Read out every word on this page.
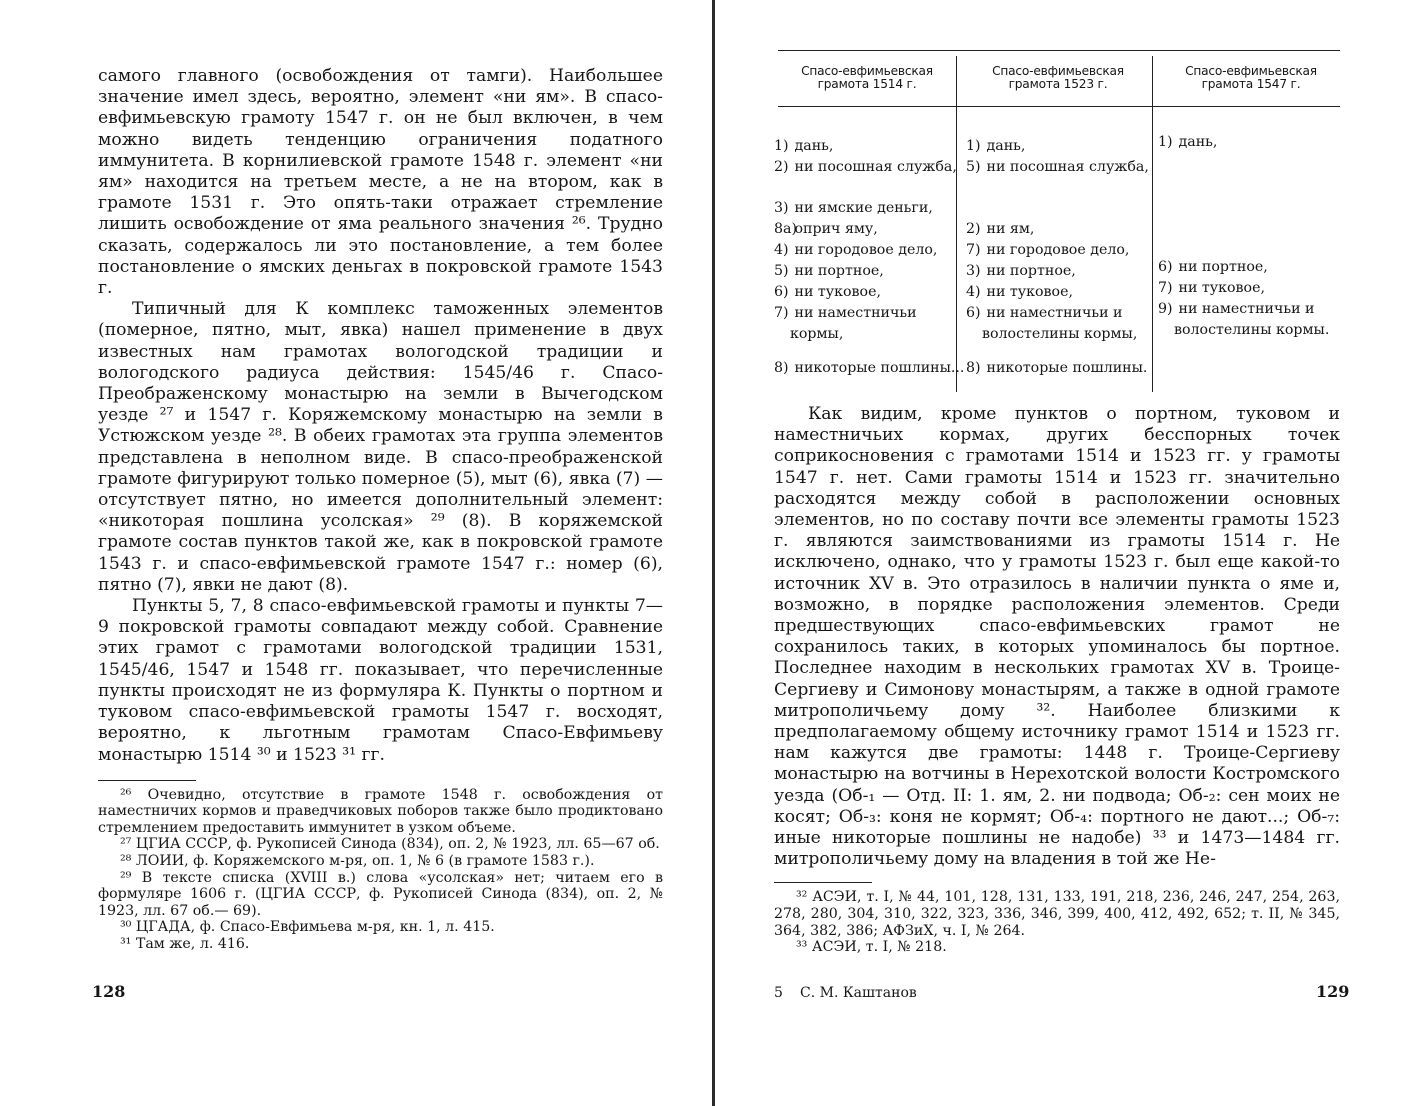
самого главного (освобождения от тамги). Наибольшее значение имел здесь, вероятно, элемент «ни ям». В спасо-евфимьевскую грамоту 1547 г. он не был включен, в чем можно видеть тенденцию ограничения податного иммунитета. В корнилиевской грамоте 1548 г. элемент «ни ям» находится на третьем месте, а не на втором, как в грамоте 1531 г. Это опять-таки отражает стремление лишить освобождение от яма реального значения ²⁶. Трудно сказать, содержалось ли это постановление, а тем более постановление о ямских деньгах в покровской грамоте 1543 г.

Типичный для К комплекс таможенных элементов (померное, пятно, мыт, явка) нашел применение в двух известных нам грамотах вологодской традиции и вологодского радиуса действия: 1545/46 г. Спасо-Преображенскому монастырю на земли в Вычегодском уезде ²⁷ и 1547 г. Коряжемскому монастырю на земли в Устюжском уезде ²⁸. В обеих грамотах эта группа элементов представлена в неполном виде. В спасо-преображенской грамоте фигурируют только померное (5), мыт (6), явка (7) — отсутствует пятно, но имеется дополнительный элемент: «никоторая пошлина усолская» ²⁹ (8). В коряжемской грамоте состав пунктов такой же, как в покровской грамоте 1543 г. и спасо-евфимьевской грамоте 1547 г.: номер (6), пятно (7), явки не дают (8).

Пункты 5, 7, 8 спасо-евфимьевской грамоты и пункты 7—9 покровской грамоты совпадают между собой. Сравнение этих грамот с грамотами вологодской традиции 1531, 1545/46, 1547 и 1548 гг. показывает, что перечисленные пункты происходят не из формуляра К. Пункты о портном и туковом спасо-евфимьевской грамоты 1547 г. восходят, вероятно, к льготным грамотам Спасо-Евфимьеву монастырю 1514 ³⁰ и 1523 ³¹ гг.

²⁶ Очевидно, отсутствие в грамоте 1548 г. освобождения от наместничих кормов и праведчиковых поборов также было продиктовано стремлением предоставить иммунитет в узком объеме.

²⁷ ЦГИА СССР, ф. Рукописей Синода (834), оп. 2, № 1923, лл. 65—67 об.

²⁸ ЛОИИ, ф. Коряжемского м-ря, оп. 1, № 6 (в грамоте 1583 г.).

²⁹ В тексте списка (XVIII в.) слова «усолская» нет; читаем его в формуляре 1606 г. (ЦГИА СССР, ф. Рукописей Синода (834), оп. 2, № 1923, лл. 67 об.— 69).

³⁰ ЦГАДА, ф. Спасо-Евфимьева м-ря, кн. 1, л. 415.

³¹ Там же, л. 416.

128
Спасо-евфимьевская грамота 1514 г.
Спасо-евфимьевская грамота 1523 г.
Спасо-евфимьевская грамота 1547 г.
1) дань,
2) ни посошная служба,
3) ни ямские деньги,
8а) оприч яму,
4) ни городовое дело,
5) ни портное,
6) ни туковое,
7) ни наместничьи кормы,
8) никоторые пошлины...
1) дань,
5) ни посошная служба,
2) ни ям,
7) ни городовое дело,
3) ни портное,
4) ни туковое,
6) ни наместничьи и волостелины кормы,
8) никоторые пошлины.
1) дань,
6) ни портное,
7) ни туковое,
9) ни наместничьи и волостелины кормы.

Как видим, кроме пунктов о портном, туковом и наместничьих кормах, других бесспорных точек соприкосновения с грамотами 1514 и 1523 гг. у грамоты 1547 г. нет. Сами грамоты 1514 и 1523 гг. значительно расходятся между собой в расположении основных элементов, но по составу почти все элементы грамоты 1523 г. являются заимствованиями из грамоты 1514 г. Не исключено, однако, что у грамоты 1523 г. был еще какой-то источник XV в. Это отразилось в наличии пункта о яме и, возможно, в порядке расположения элементов. Среди предшествующих спасо-евфимьевских грамот не сохранилось таких, в которых упоминалось бы портное. Последнее находим в нескольких грамотах XV в. Троице-Сергиеву и Симонову монастырям, а также в одной грамоте митрополичьему дому ³². Наиболее близкими к предполагаемому общему источнику грамот 1514 и 1523 гг. нам кажутся две грамоты: 1448 г. Троице-Сергиеву монастырю на вотчины в Нерехотской волости Костромского уезда (Об-₁ — Отд. II: 1. ям, 2. ни подвода; Об-₂: сен моих не косят; Об-₃: коня не кормят; Об-₄: портного не дают...; Об-₇: иные никоторые пошлины не надобе) ³³ и 1473—1484 гг. митрополичьему дому на владения в той же Не-

³² АСЭИ, т. I, № 44, 101, 128, 131, 133, 191, 218, 236, 246, 247, 254, 263, 278, 280, 304, 310, 322, 323, 336, 346, 399, 400, 412, 492, 652; т. II, № 345, 364, 382, 386; АФЗиХ, ч. I, № 264.

³³ АСЭИ, т. I, № 218.

5 С. М. Каштанов	129
